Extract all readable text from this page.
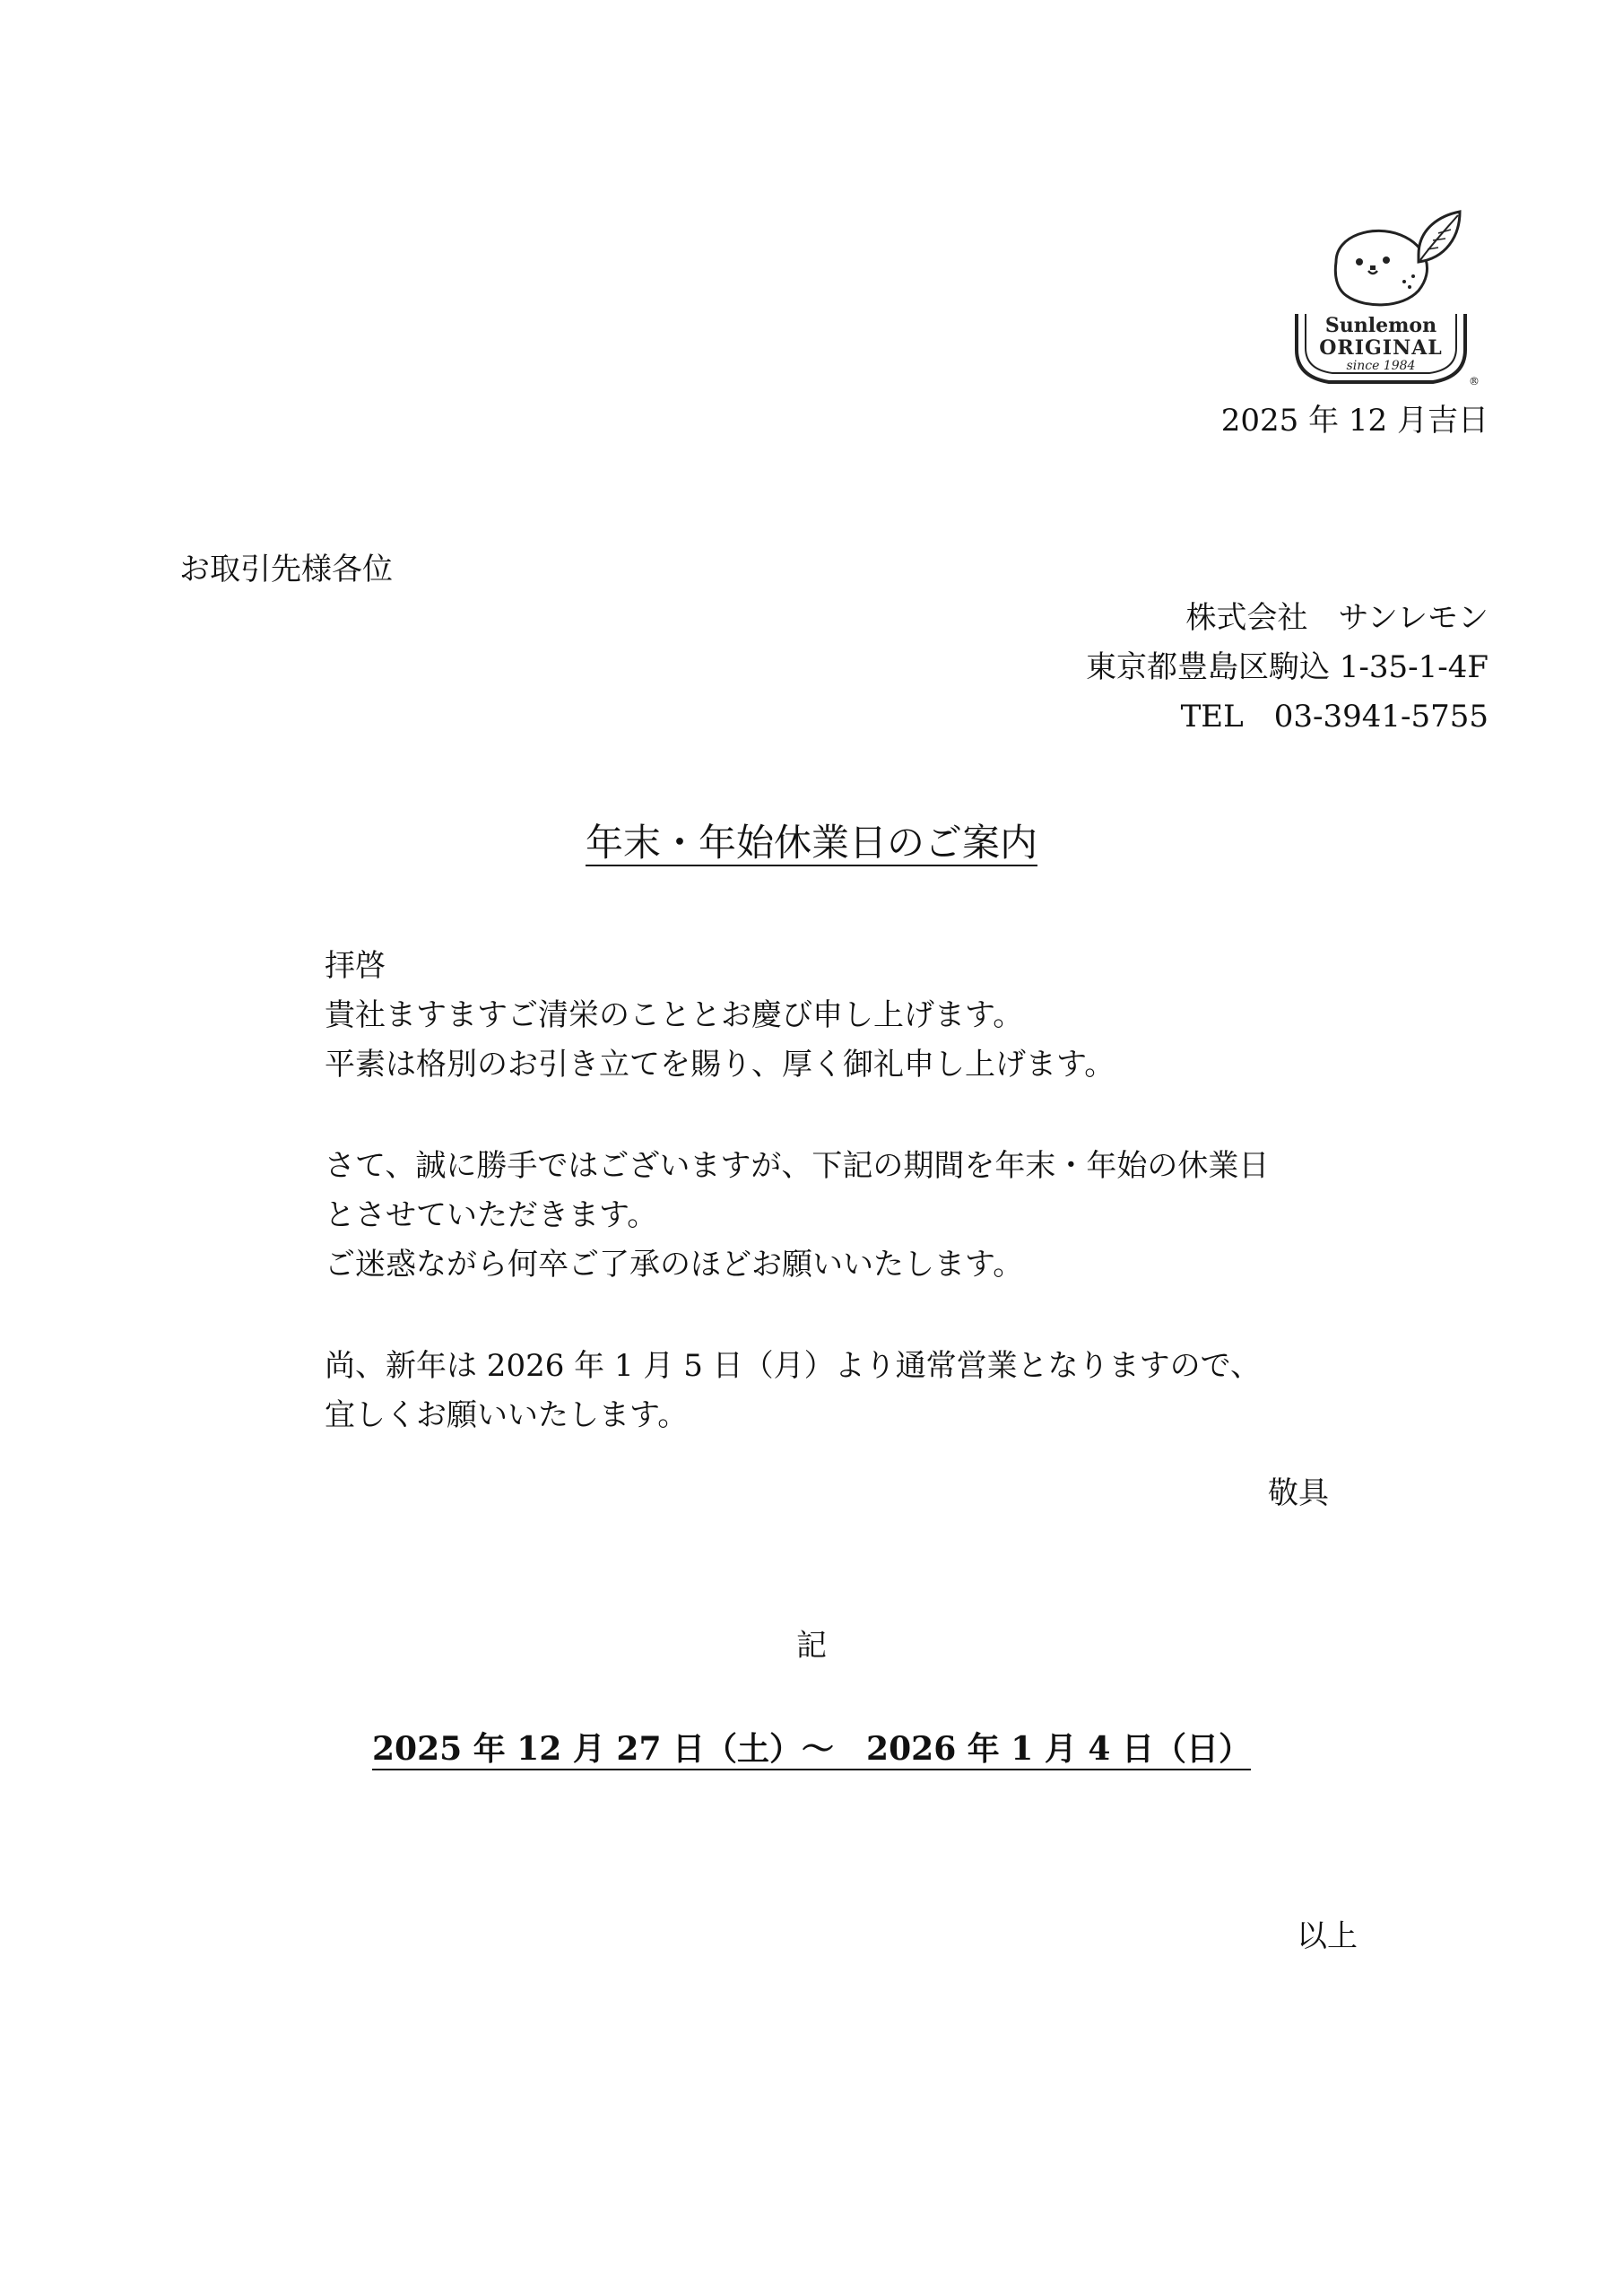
Sunlemon
ORIGINAL
since 1984
®
2025 年 12 月吉日
お取引先様各位
株式会社　サンレモン
東京都豊島区駒込 1-35-1-4F
TEL　03-3941-5755
年末・年始休業日のご案内
拝啓
貴社ますますご清栄のこととお慶び申し上げます。
平素は格別のお引き立てを賜り、厚く御礼申し上げます。
さて、誠に勝手ではございますが、下記の期間を年末・年始の休業日
とさせていただきます。
ご迷惑ながら何卒ご了承のほどお願いいたします。
尚、新年は 2026 年 1 月 5 日（月）より通常営業となりますので、
宜しくお願いいたします。
敬具
記
2025 年 12 月 27 日（土）～　2026 年 1 月 4 日（日）
以上
